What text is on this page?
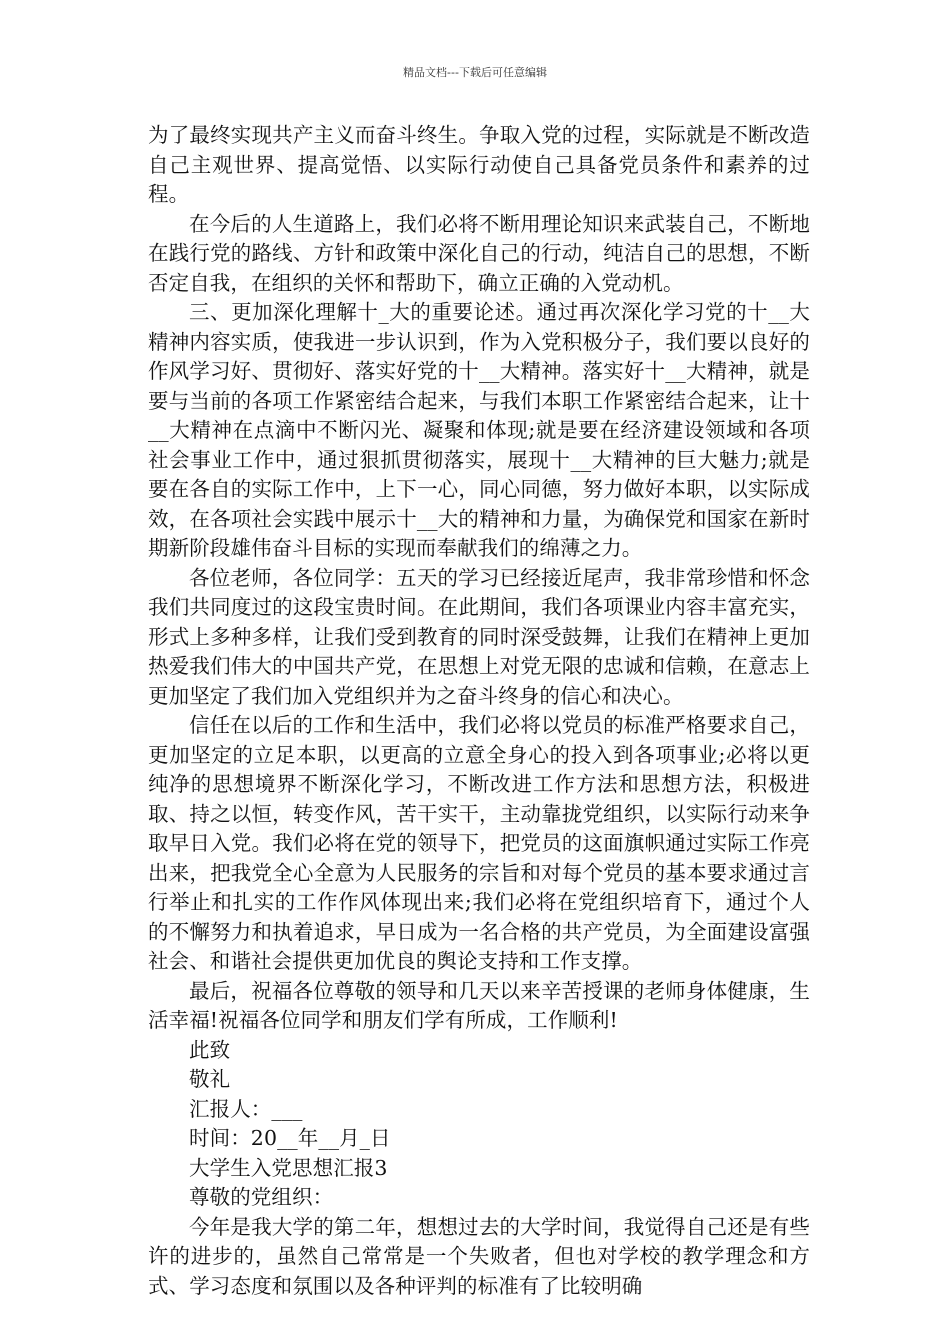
精品文档---下载后可任意编辑

为了最终实现共产主义而奋斗终生。争取入党的过程，实际就是不断改造自己主观世界、提高觉悟、以实际行动使自己具备党员条件和素养的过程。

在今后的人生道路上，我们必将不断用理论知识来武装自己，不断地在践行党的路线、方针和政策中深化自己的行动，纯洁自己的思想，不断否定自我，在组织的关怀和帮助下，确立正确的入党动机。

三、更加深化理解十_大的重要论述。通过再次深化学习党的十__大精神内容实质，使我进一步认识到，作为入党积极分子，我们要以良好的作风学习好、贯彻好、落实好党的十__大精神。落实好十__大精神，就是要与当前的各项工作紧密结合起来，与我们本职工作紧密结合起来，让十__大精神在点滴中不断闪光、凝聚和体现;就是要在经济建设领域和各项社会事业工作中，通过狠抓贯彻落实，展现十__大精神的巨大魅力;就是要在各自的实际工作中，上下一心，同心同德，努力做好本职，以实际成效，在各项社会实践中展示十__大的精神和力量，为确保党和国家在新时期新阶段雄伟奋斗目标的实现而奉献我们的绵薄之力。

各位老师，各位同学：五天的学习已经接近尾声，我非常珍惜和怀念我们共同度过的这段宝贵时间。在此期间，我们各项课业内容丰富充实，形式上多种多样，让我们受到教育的同时深受鼓舞，让我们在精神上更加热爱我们伟大的中国共产党，在思想上对党无限的忠诚和信赖，在意志上更加坚定了我们加入党组织并为之奋斗终身的信心和决心。

信任在以后的工作和生活中，我们必将以党员的标准严格要求自己，更加坚定的立足本职，以更高的立意全身心的投入到各项事业;必将以更纯净的思想境界不断深化学习，不断改进工作方法和思想方法，积极进取、持之以恒，转变作风，苦干实干，主动靠拢党组织，以实际行动来争取早日入党。我们必将在党的领导下，把党员的这面旗帜通过实际工作亮出来，把我党全心全意为人民服务的宗旨和对每个党员的基本要求通过言行举止和扎实的工作作风体现出来;我们必将在党组织培育下，通过个人的不懈努力和执着追求，早日成为一名合格的共产党员，为全面建设富强社会、和谐社会提供更加优良的舆论支持和工作支撑。

最后，祝福各位尊敬的领导和几天以来辛苦授课的老师身体健康，生活幸福!祝福各位同学和朋友们学有所成，工作顺利!

此致

敬礼

汇报人：___

时间：20__年__月_日

大学生入党思想汇报3

尊敬的党组织：

今年是我大学的第二年，想想过去的大学时间，我觉得自己还是有些许的进步的，虽然自己常常是一个失败者，但也对学校的教学理念和方式、学习态度和氛围以及各种评判的标准有了比较明确
